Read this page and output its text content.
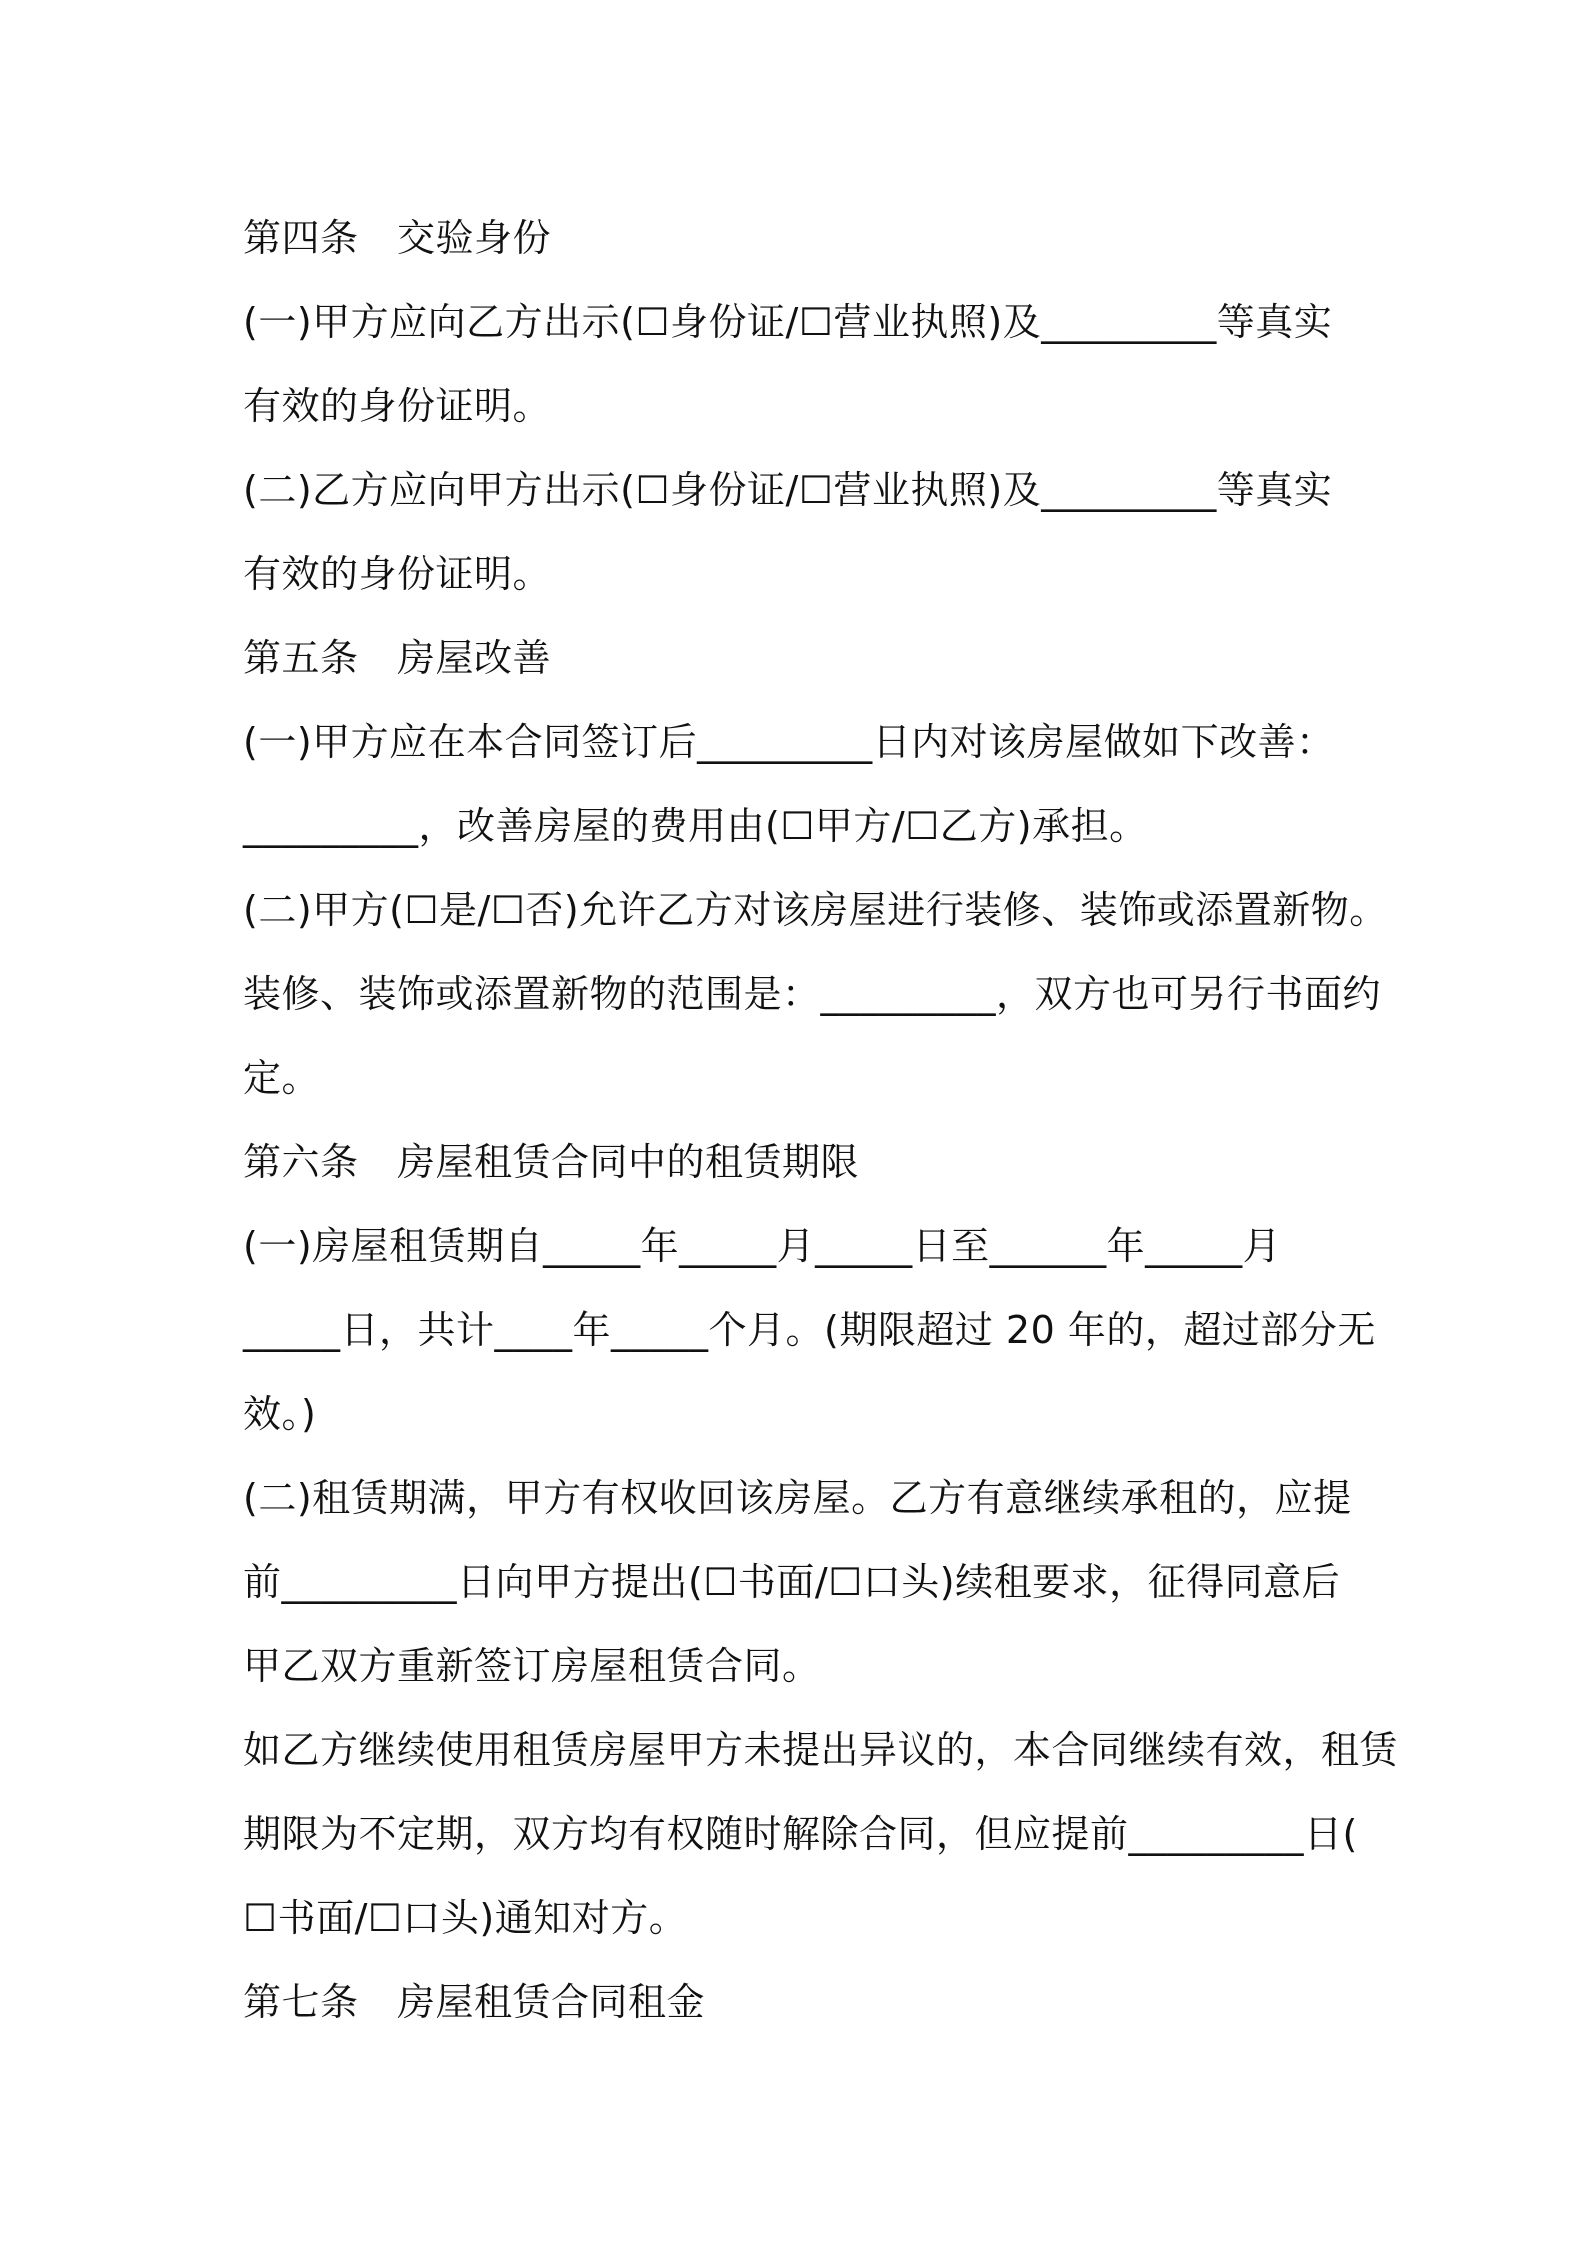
第四条　交验身份
(一)甲方应向乙方出示(☐身份证/☐营业执照)及_________等真实
有效的身份证明。
(二)乙方应向甲方出示(☐身份证/☐营业执照)及_________等真实
有效的身份证明。
第五条　房屋改善
(一)甲方应在本合同签订后_________日内对该房屋做如下改善：
_________，改善房屋的费用由(☐甲方/☐乙方)承担。
(二)甲方(☐是/☐否)允许乙方对该房屋进行装修、装饰或添置新物。
装修、装饰或添置新物的范围是：_________，双方也可另行书面约
定。
第六条　房屋租赁合同中的租赁期限
(一)房屋租赁期自_____年_____月_____日至______年_____月
_____日，共计____年_____个月。(期限超过 20 年的，超过部分无
效。)
(二)租赁期满，甲方有权收回该房屋。乙方有意继续承租的，应提
前_________日向甲方提出(☐书面/☐口头)续租要求，征得同意后
甲乙双方重新签订房屋租赁合同。
如乙方继续使用租赁房屋甲方未提出异议的，本合同继续有效，租赁
期限为不定期，双方均有权随时解除合同，但应提前_________日(
☐书面/☐口头)通知对方。
第七条　房屋租赁合同租金
